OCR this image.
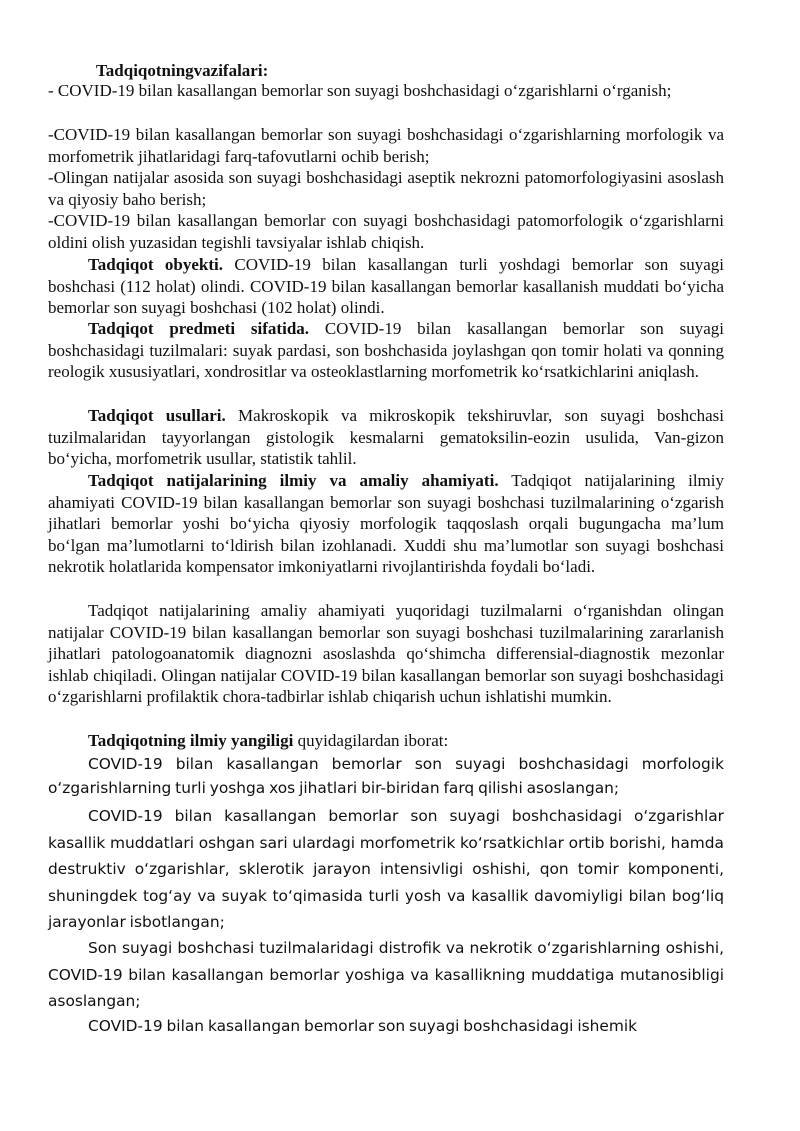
Tadqiqotningvazifalari:

- COVID-19 bilan kasallangan bemorlar son suyagi boshchasidagi o‘zgarishlarni o‘rganish;

-COVID-19 bilan kasallangan bemorlar son suyagi boshchasidagi o‘zgarishlarning morfologik va morfometrik jihatlaridagi farq-tafovutlarni ochib berish;

-Olingan natijalar asosida son suyagi boshchasidagi aseptik nekrozni patomorfologiyasini asoslash va qiyosiy baho berish;

-COVID-19 bilan kasallangan bemorlar con suyagi boshchasidagi patomorfologik o‘zgarishlarni oldini olish yuzasidan tegishli tavsiyalar ishlab chiqish.

Tadqiqot obyekti. COVID-19 bilan kasallangan turli yoshdagi bemorlar son suyagi boshchasi (112 holat) olindi. COVID-19 bilan kasallangan bemorlar kasallanish muddati bo‘yicha bemorlar son suyagi boshchasi (102 holat) olindi.

Tadqiqot predmeti sifatida. COVID-19 bilan kasallangan bemorlar son suyagi boshchasidagi tuzilmalari: suyak pardasi, son boshchasida joylashgan qon tomir holati va qonning reologik xususiyatlari, xondrositlar va osteoklastlarning morfometrik ko‘rsatkichlarini aniqlash.

Tadqiqot usullari. Makroskopik va mikroskopik tekshiruvlar, son suyagi boshchasi tuzilmalaridan tayyorlangan gistologik kesmalarni gematoksilin-eozin usulida, Van-gizon bo‘yicha, morfometrik usullar, statistik tahlil.

Tadqiqot natijalarining ilmiy va amaliy ahamiyati. Tadqiqot natijalarining ilmiy ahamiyati COVID-19 bilan kasallangan bemorlar son suyagi boshchasi tuzilmalarining o‘zgarish jihatlari bemorlar yoshi bo‘yicha qiyosiy morfologik taqqoslash orqali bugungacha ma’lum bo‘lgan ma’lumotlarni to‘ldirish bilan izohlanadi. Xuddi shu ma’lumotlar son suyagi boshchasi nekrotik holatlarida kompensator imkoniyatlarni rivojlantirishda foydali bo‘ladi.

Tadqiqot natijalarining amaliy ahamiyati yuqoridagi tuzilmalarni o‘rganishdan olingan natijalar COVID-19 bilan kasallangan bemorlar son suyagi boshchasi tuzilmalarining zararlanish jihatlari patologoanatomik diagnozni asoslashda qo‘shimcha differensial-diagnostik mezonlar ishlab chiqiladi. Olingan natijalar COVID-19 bilan kasallangan bemorlar son suyagi boshchasidagi o‘zgarishlarni profilaktik chora-tadbirlar ishlab chiqarish uchun ishlatishi mumkin.

Tadqiqotning ilmiy yangiligi quyidagilardan iborat:

COVID-19 bilan kasallangan bemorlar son suyagi boshchasidagi morfologik o‘zgarishlarning turli yoshga xos jihatlari bir-biridan farq qilishi asoslangan;

COVID-19 bilan kasallangan bemorlar son suyagi boshchasidagi o‘zgarishlar kasallik muddatlari oshgan sari ulardagi morfometrik ko‘rsatkichlar ortib borishi, hamda destruktiv o‘zgarishlar, sklerotik jarayon intensivligi oshishi, qon tomir komponenti, shuningdek tog‘ay va suyak to‘qimasida turli yosh va kasallik davomiyligi bilan bog‘liq jarayonlar isbotlangan;

Son suyagi boshchasi tuzilmalaridagi distrofik va nekrotik o‘zgarishlarning oshishi, COVID-19 bilan kasallangan bemorlar yoshiga va kasallikning muddatiga mutanosibligi asoslangan;

COVID-19 bilan kasallangan bemorlar son suyagi boshchasidagi ishemik
